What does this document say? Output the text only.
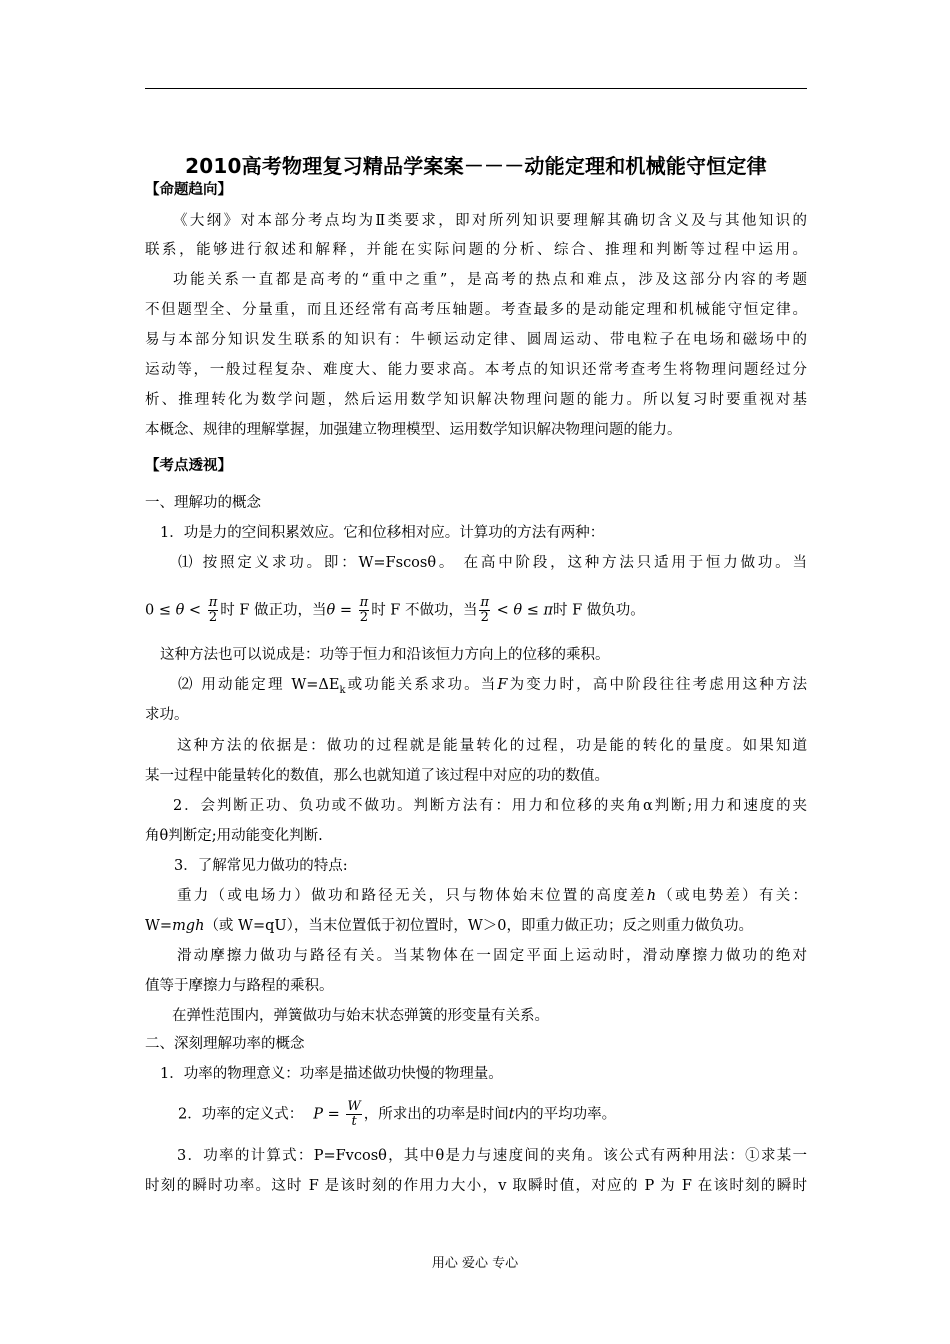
2010高考物理复习精品学案案－－－动能定理和机械能守恒定律
【命题趋向】
《大纲》对本部分考点均为Ⅱ类要求，即对所列知识要理解其确切含义及与其他知识的
联系，能够进行叙述和解释，并能在实际问题的分析、综合、推理和判断等过程中运用。
功能关系一直都是高考的“重中之重”，是高考的热点和难点，涉及这部分内容的考题
不但题型全、分量重，而且还经常有高考压轴题。考查最多的是动能定理和机械能守恒定律。
易与本部分知识发生联系的知识有：牛顿运动定律、圆周运动、带电粒子在电场和磁场中的
运动等，一般过程复杂、难度大、能力要求高。本考点的知识还常考查考生将物理问题经过分
析、推理转化为数学问题，然后运用数学知识解决物理问题的能力。所以复习时要重视对基
本概念、规律的理解掌握，加强建立物理模型、运用数学知识解决物理问题的能力。
【考点透视】
一、理解功的概念
1．功是力的空间积累效应。它和位移相对应。计算功的方法有两种：
⑴ 按照定义求功。即：W=Fscosθ。 在高中阶段，这种方法只适用于恒力做功。当
$0 \le \theta < \frac{\pi}{2}$ 时 F 做正功，当$\theta = \frac{\pi}{2}$ 时 F 不做功，当 $\frac{\pi}{2} < \theta \le \pi$时 F 做负功。
这种方法也可以说成是：功等于恒力和沿该恒力方向上的位移的乘积。
⑵ 用动能定理 $W=\Delta E_k$或功能关系求功。当F为变力时，高中阶段往往考虑用这种方法
求功。
这种方法的依据是：做功的过程就是能量转化的过程，功是能的转化的量度。如果知道
某一过程中能量转化的数值，那么也就知道了该过程中对应的功的数值。
2．会判断正功、负功或不做功。判断方法有：用力和位移的夹角α判断;用力和速度的夹
角θ判断定;用动能变化判断.
3．了解常见力做功的特点:
重力（或电场力）做功和路径无关，只与物体始末位置的高度差h（或电势差）有关：
W=mgh（或 W=qU），当末位置低于初位置时，W＞0，即重力做正功；反之则重力做负功。
滑动摩擦力做功与路径有关。当某物体在一固定平面上运动时，滑动摩擦力做功的绝对
值等于摩擦力与路程的乘积。
在弹性范围内，弹簧做功与始末状态弹簧的形变量有关系。
二、深刻理解功率的概念
1．功率的物理意义：功率是描述做功快慢的物理量。
2．功率的定义式： $P = \frac{W}{t}$ ，所求出的功率是时间t内的平均功率。
3．功率的计算式：P=Fvcosθ，其中θ是力与速度间的夹角。该公式有两种用法：①求某一
时刻的瞬时功率。这时 F 是该时刻的作用力大小，v 取瞬时值，对应的 P 为 F 在该时刻的瞬时
用心 爱心 专心
